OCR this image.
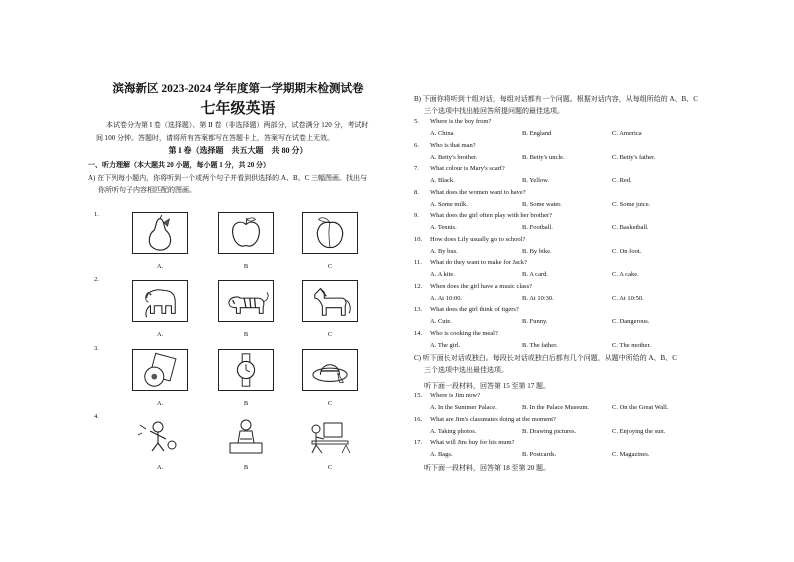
滨海新区 2023-2024 学年度第一学期期末检测试卷
七年级英语
本试卷分为第 I 卷（选择题）、第 II 卷（非选择题）两部分，试卷满分 120 分，考试时
间 100 分钟。答题时，请将所有答案都写在答题卡上，答案写在试卷上无效。
第 I 卷（选择题　共五大题　共 80 分）
一、听力理解（本大题共 20 小题，每小题 1 分，共 20 分）
A) 在下列每小题内，你将听到一个或两个句子并看到供选择的 A、B、C 三幅图画。找出与
你所听句子内容相匹配的图画。
1.
A.	B	C
2.
A.	B	C
3.
A.	B	C
4.
A.	B	C
B) 下面你将听到十组对话，每组对话都有一个问题。根据对话内容，从每组所给的 A、B、C
三个选项中找出能回答所提问题的最佳选项。
5. Where is the boy from?
A. China	B. England	C. America
6. Who is that man?
A. Betty's brother.	B. Betty's uncle.	C. Betty's father.
7. What colour is Mary's scarf?
A. Black.	B. Yellow.	C. Red.
8. What does the women want to have?
A. Some milk.	B. Some water.	C. Some juice.
9. What does the girl often play with her brother?
A. Tennis.	B. Football.	C. Basketball.
10. How does Lily usually go to school?
A. By bus.	B. By bike.	C. On foot.
11. What do they want to make for Jack?
A. A kite.	B. A card.	C. A cake.
12. When does the girl have a music class?
A. At 10:00.	B. At 10:30.	C. At 10:50.
13. What does the girl think of tigers?
A. Cute.	B. Funny.	C. Dangerous.
14. Who is cooking the meal?
A. The girl.	B. The father.	C. The mother.
C) 听下面长对话或独白。每段长对话或独白后都有几个问题，从题中所给的 A、B、C
三个选项中选出最佳选项。
听下面一段材料，回答第 15 至第 17 题。
15. Where is Jim now?
A. In the Summer Palace.	B. In the Palace Museum.	C. On the Great Wall.
16. What are Jim's classmates doing at the moment?
A. Taking photos.	B. Drawing pictures.	C. Enjoying the sun.
17. What will Jim buy for his mum?
A. Bags.	B. Postcards.	C. Magazines.
听下面一段材料，回答第 18 至第 20 题。
